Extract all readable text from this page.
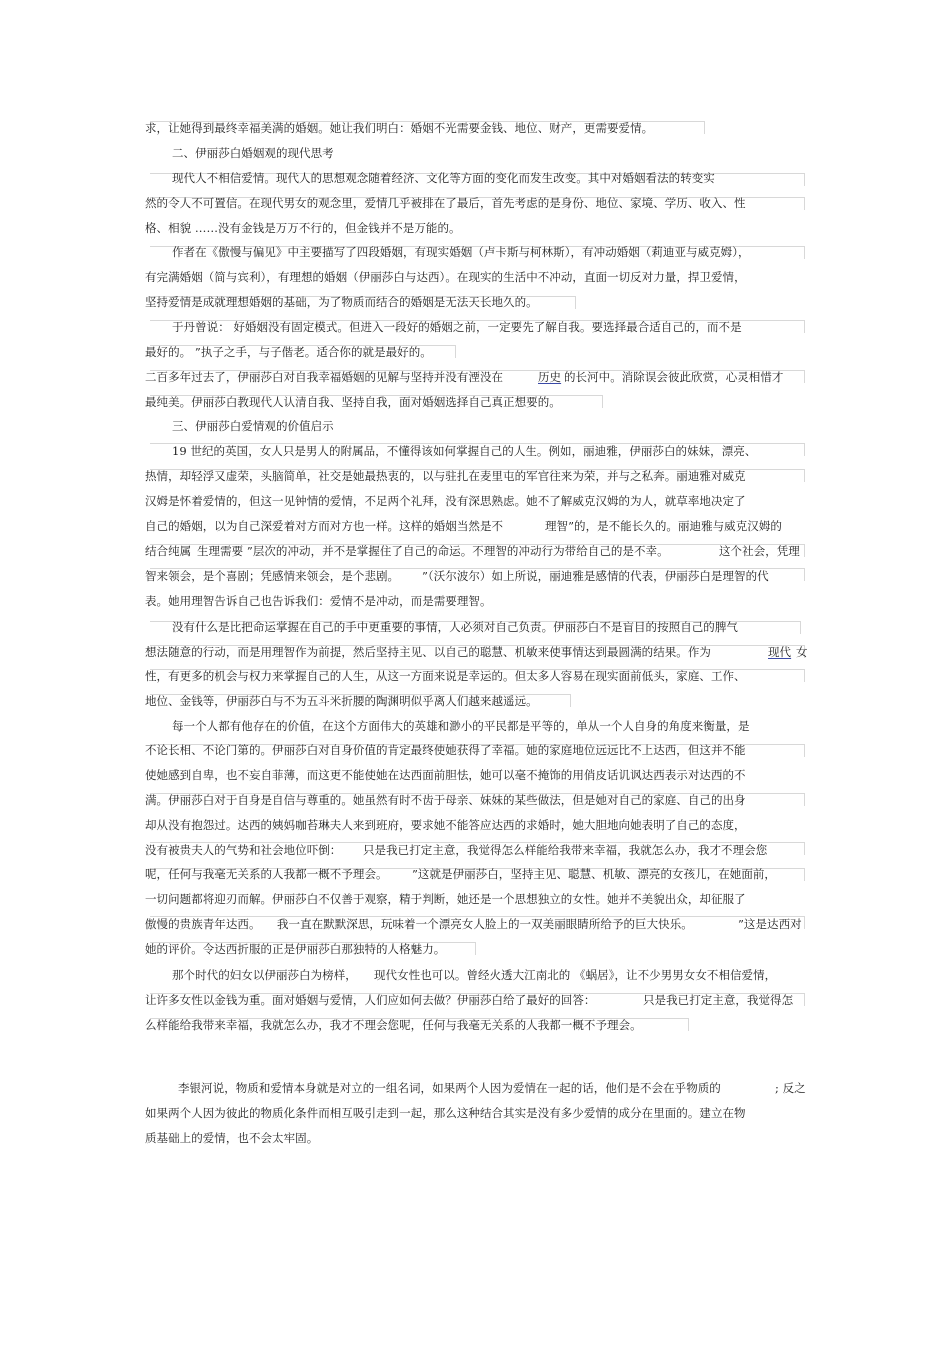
求，让她得到最终幸福美满的婚姻。她让我们明白：婚姻不光需要金钱、地位、财产，更需要爱情。
二、伊丽莎白婚姻观的现代思考
现代人不相信爱情。现代人的思想观念随着经济、文化等方面的变化而发生改变。其中对婚姻看法的转变实
然的令人不可置信。在现代男女的观念里，爱情几乎被排在了最后，首先考虑的是身份、地位、家境、学历、收入、性
格、相貌 ……没有金钱是万万不行的，但金钱并不是万能的。
作者在《傲慢与偏见》中主要描写了四段婚姻，有现实婚姻（卢卡斯与柯林斯），有冲动婚姻（莉迪亚与威克姆），
有完满婚姻（简与宾利），有理想的婚姻（伊丽莎白与达西）。在现实的生活中不冲动，直面一切反对力量，捍卫爱情，
坚持爱情是成就理想婚姻的基础，为了物质而结合的婚姻是无法天长地久的。
于丹曾说： 好婚姻没有固定模式。但进入一段好的婚姻之前，一定要先了解自我。要选择最合适自己的，而不是
最好的。 ”执子之手，与子偕老。适合你的就是最好的。
二百多年过去了，伊丽莎白对自我幸福婚姻的见解与坚持并没有湮没在	历史 的长河中。消除误会彼此欣赏，心灵相惜才
最纯美。伊丽莎白教现代人认清自我、坚持自我，面对婚姻选择自己真正想要的。
三、伊丽莎白爱情观的价值启示
19 世纪的英国，女人只是男人的附属品，不懂得该如何掌握自己的人生。例如，丽迪雅，伊丽莎白的妹妹，漂亮、
热情，却轻浮又虚荣，头脑简单，社交是她最热衷的，以与驻扎在麦里屯的军官往来为荣，并与之私奔。丽迪雅对威克
汉姆是怀着爱情的，但这一见钟情的爱情，不足两个礼拜，没有深思熟虑。她不了解威克汉姆的为人，就草率地决定了
自己的婚姻，以为自己深爱着对方而对方也一样。这样的婚姻当然是不	理智”的，是不能长久的。丽迪雅与威克汉姆的
结合纯属 生理需要 ”层次的冲动，并不是掌握住了自己的命运。不理智的冲动行为带给自己的是不幸。	这个社会，凭理
智来领会，是个喜剧；凭感情来领会，是个悲剧。 ”（沃尔波尔）如上所说，丽迪雅是感情的代表，伊丽莎白是理智的代
表。她用理智告诉自己也告诉我们：爱情不是冲动，而是需要理智。
没有什么是比把命运掌握在自己的手中更重要的事情，人必须对自己负责。伊丽莎白不是盲目的按照自己的脾气
想法随意的行动，而是用理智作为前提，然后坚持主见、以自己的聪慧、机敏来使事情达到最圆满的结果。作为	现代 女
性，有更多的机会与权力来掌握自己的人生，从这一方面来说是幸运的。但太多人容易在现实面前低头，家庭、工作、
地位、金钱等，伊丽莎白与不为五斗米折腰的陶渊明似乎离人们越来越遥远。
每一个人都有他存在的价值，在这个方面伟大的英雄和渺小的平民都是平等的，单从一个人自身的角度来衡量，是
不论长相、不论门第的。伊丽莎白对自身价值的肯定最终使她获得了幸福。她的家庭地位远远比不上达西，但这并不能
使她感到自卑，也不妄自菲薄，而这更不能使她在达西面前胆怯，她可以毫不掩饰的用俏皮话讥讽达西表示对达西的不
满。伊丽莎白对于自身是自信与尊重的。她虽然有时不齿于母亲、妹妹的某些做法，但是她对自己的家庭、自己的出身
却从没有抱怨过。达西的姨妈咖苔琳夫人来到班府，要求她不能答应达西的求婚时，她大胆地向她表明了自己的态度，
没有被贵夫人的气势和社会地位吓倒： 只是我已打定主意，我觉得怎么样能给我带来幸福，我就怎么办，我才不理会您
呢，任何与我毫无关系的人我都一概不予理会。 ”这就是伊丽莎白，坚持主见、聪慧、机敏、漂亮的女孩儿，在她面前，
一切问题都将迎刃而解。伊丽莎白不仅善于观察，精于判断，她还是一个思想独立的女性。她并不美貌出众，却征服了
傲慢的贵族青年达西。 我一直在默默深思，玩味着一个漂亮女人脸上的一双美丽眼睛所给予的巨大快乐。	”这是达西对
她的评价。令达西折服的正是伊丽莎白那独特的人格魅力。
那个时代的妇女以伊丽莎白为榜样， 现代女性也可以。曾经火透大江南北的 《蜗居》，让不少男男女女不相信爱情，
让许多女性以金钱为重。面对婚姻与爱情，人们应如何去做？伊丽莎白给了最好的回答：	只是我已打定主意，我觉得怎
么样能给我带来幸福，我就怎么办，我才不理会您呢，任何与我毫无关系的人我都一概不予理会。
李银河说，物质和爱情本身就是对立的一组名词，如果两个人因为爱情在一起的话，他们是不会在乎物质的	; 反之
如果两个人因为彼此的物质化条件而相互吸引走到一起，那么这种结合其实是没有多少爱情的成分在里面的。建立在物
质基础上的爱情，也不会太牢固。
